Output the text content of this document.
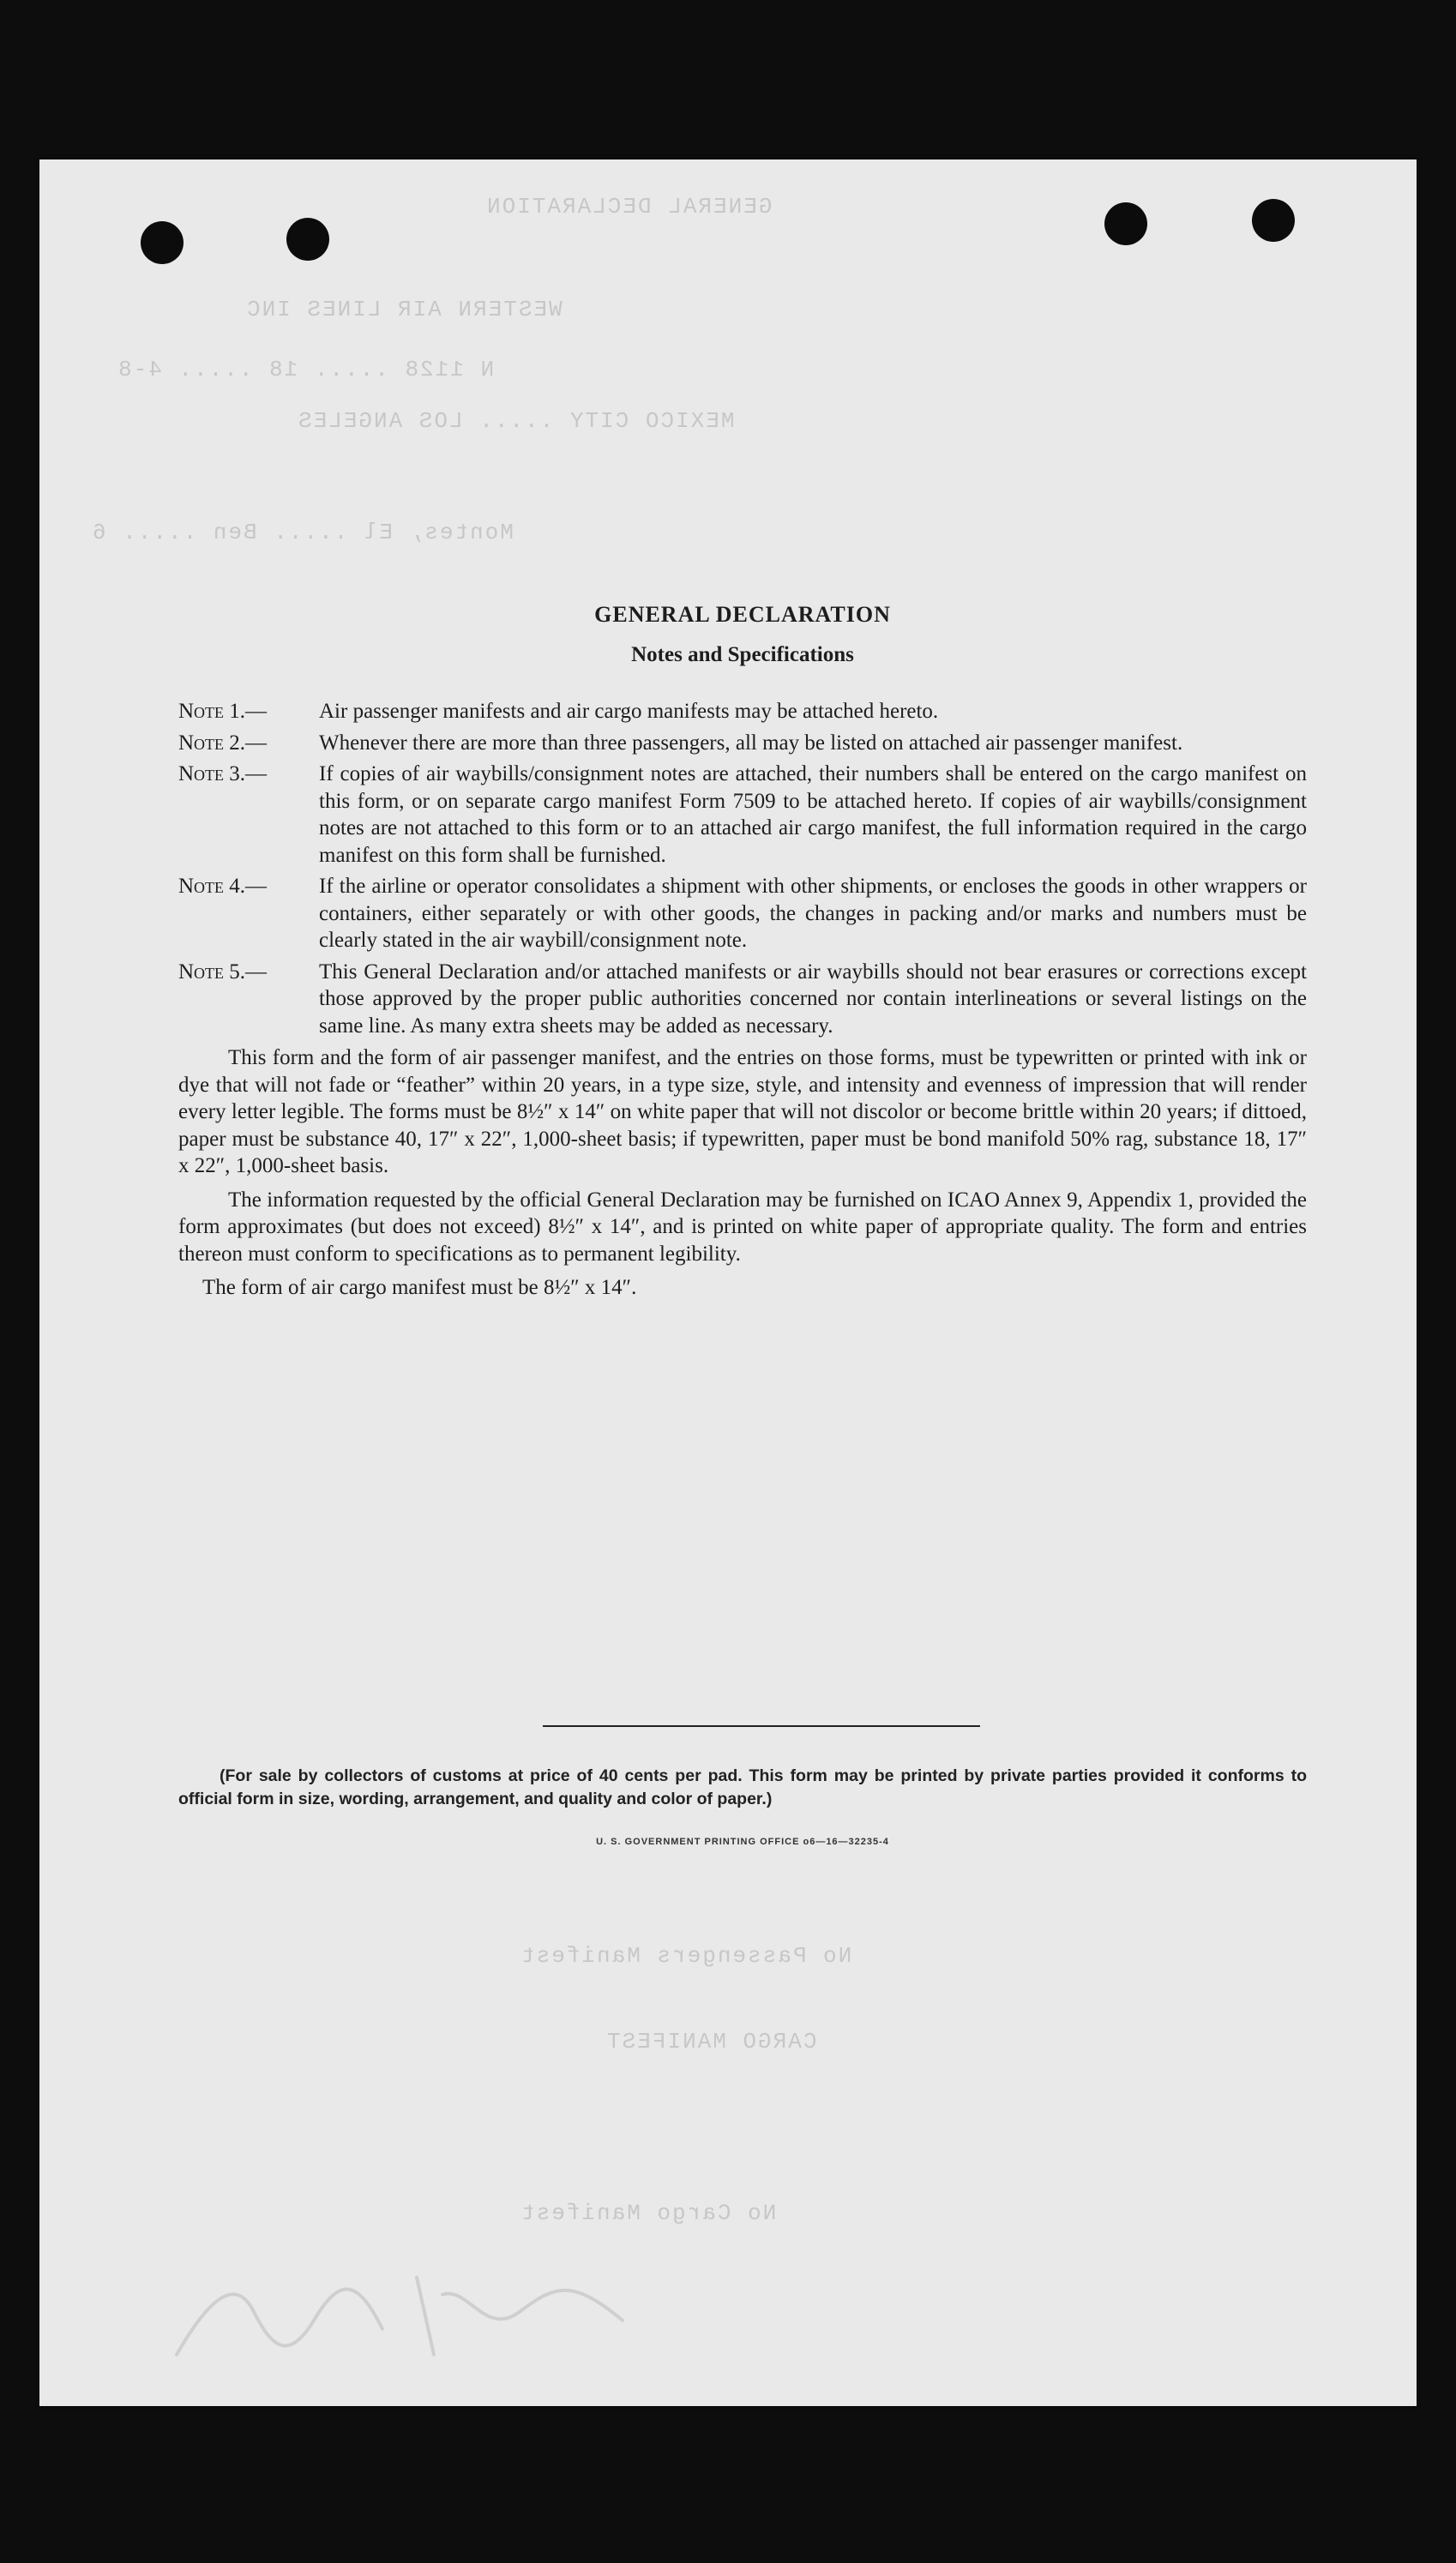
GENERAL DECLARATION
WESTERN AIR LINES INC
N 1128 ..... 18 ..... 4-8
MEXICO CITY ..... LOS ANGELES
Montes, El ..... Ben ..... 6
No Passengers Manifest
CARGO MANIFEST
No Cargo Manifest
GENERAL DECLARATION
Notes and Specifications
Note 1.—	Air passenger manifests and air cargo manifests may be attached hereto.
Note 2.—	Whenever there are more than three passengers, all may be listed on attached air passenger manifest.
Note 3.—	If copies of air waybills/consignment notes are attached, their numbers shall be entered on the cargo manifest on this form, or on separate cargo manifest Form 7509 to be attached hereto. If copies of air waybills/consignment notes are not attached to this form or to an attached air cargo manifest, the full information required in the cargo manifest on this form shall be furnished.
Note 4.—	If the airline or operator consolidates a shipment with other shipments, or encloses the goods in other wrappers or containers, either separately or with other goods, the changes in packing and/or marks and numbers must be clearly stated in the air waybill/consignment note.
Note 5.—	This General Declaration and/or attached manifests or air waybills should not bear erasures or corrections except those approved by the proper public authorities concerned nor contain interlineations or several listings on the same line. As many extra sheets may be added as necessary.

This form and the form of air passenger manifest, and the entries on those forms, must be typewritten or printed with ink or dye that will not fade or “feather” within 20 years, in a type size, style, and intensity and evenness of impression that will render every letter legible. The forms must be 8½″ x 14″ on white paper that will not discolor or become brittle within 20 years; if dittoed, paper must be substance 40, 17″ x 22″, 1,000-sheet basis; if typewritten, paper must be bond manifold 50% rag, substance 18, 17″ x 22″, 1,000-sheet basis.

The information requested by the official General Declaration may be furnished on ICAO Annex 9, Appendix 1, provided the form approximates (but does not exceed) 8½″ x 14″, and is printed on white paper of appropriate quality. The form and entries thereon must conform to specifications as to permanent legibility.

The form of air cargo manifest must be 8½″ x 14″.

(For sale by collectors of customs at price of 40 cents per pad. This form may be printed by private parties provided it conforms to official form in size, wording, arrangement, and quality and color of paper.)
U. S. GOVERNMENT PRINTING OFFICE o6—16—32235-4
